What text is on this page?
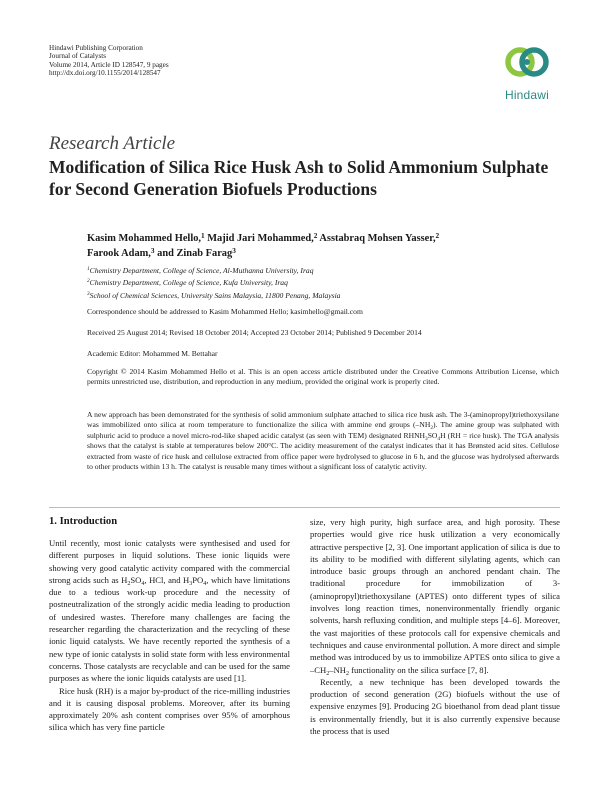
Hindawi Publishing Corporation
Journal of Catalysts
Volume 2014, Article ID 128547, 9 pages
http://dx.doi.org/10.1155/2014/128547
Hindawi
Research Article
Modification of Silica Rice Husk Ash to Solid Ammonium Sulphate for Second Generation Biofuels Productions
Kasim Mohammed Hello,$^1$ Majid Jari Mohammed,$^2$ Asstabraq Mohsen Yasser,$^2$
Farook Adam,$^3$ and Zinab Farag$^3$
$^1$Chemistry Department, College of Science, Al-Muthanna University, Iraq
$^2$Chemistry Department, College of Science, Kufa University, Iraq
$^3$School of Chemical Sciences, University Sains Malaysia, 11800 Penang, Malaysia
Correspondence should be addressed to Kasim Mohammed Hello; kasimhello@gmail.com
Received 25 August 2014; Revised 18 October 2014; Accepted 23 October 2014; Published 9 December 2014
Academic Editor: Mohammed M. Bettahar
Copyright © 2014 Kasim Mohammed Hello et al. This is an open access article distributed under the Creative Commons Attribution License, which permits unrestricted use, distribution, and reproduction in any medium, provided the original work is properly cited.
A new approach has been demonstrated for the synthesis of solid ammonium sulphate attached to silica rice husk ash. The 3-(aminopropyl)triethoxysilane was immobilized onto silica at room temperature to functionalize the silica with ammine end groups $(-NH_2)$. The amine group was sulphated with sulphuric acid to produce a novel micro-rod-like shaped acidic catalyst (as seen with TEM) designated $RHNH_3SO_4H$ (RH = rice husk). The TGA analysis shows that the catalyst is stable at temperatures below 200°C. The acidity measurement of the catalyst indicates that it has Brønsted acid sites. Cellulose extracted from waste of rice husk and cellulose extracted from office paper were hydrolysed to glucose in 6 h, and the glucose was hydrolysed afterwards to other products within 13 h. The catalyst is reusable many times without a significant loss of catalytic activity.
1. Introduction

Until recently, most ionic catalysts were synthesised and used for different purposes in liquid solutions. These ionic liquids were showing very good catalytic activity compared with the commercial strong acids such as $H_2SO_4$, HCl, and $H_3PO_4$, which have limitations due to a tedious work-up procedure and the necessity of postneutralization of the strongly acidic media leading to production of undesired wastes. Therefore many challenges are facing the researcher regarding the characterization and the recycling of these ionic liquid catalysts. We have recently reported the synthesis of a new type of ionic catalysts in solid state form with less environmental concerns. Those catalysts are recyclable and can be used for the same purposes as where the ionic liquids catalysts are used [1].

Rice husk (RH) is a major by-product of the rice-milling industries and it is causing disposal problems. Moreover, after its burning approximately 20% ash content comprises over 95% of amorphous silica which has very fine particle

size, very high purity, high surface area, and high porosity. These properties would give rice husk utilization a very economically attractive perspective [2, 3]. One important application of silica is due to its ability to be modified with different silylating agents, which can introduce basic groups through an anchored pendant chain. The traditional procedure for immobilization of 3-(aminopropyl)triethoxysilane (APTES) onto different types of silica involves long reaction times, nonenvironmentally friendly organic solvents, harsh refluxing condition, and multiple steps [4–6]. Moreover, the vast majorities of these protocols call for expensive chemicals and techniques and cause environmental pollution. A more direct and simple method was introduced by us to immobilize APTES onto silica to give a $-CH_2-NH_2$ functionality on the silica surface [7, 8].

Recently, a new technique has been developed towards the production of second generation (2G) biofuels without the use of expensive enzymes [9]. Producing 2G bioethanol from dead plant tissue is environmentally friendly, but it is also currently expensive because the process that is used
